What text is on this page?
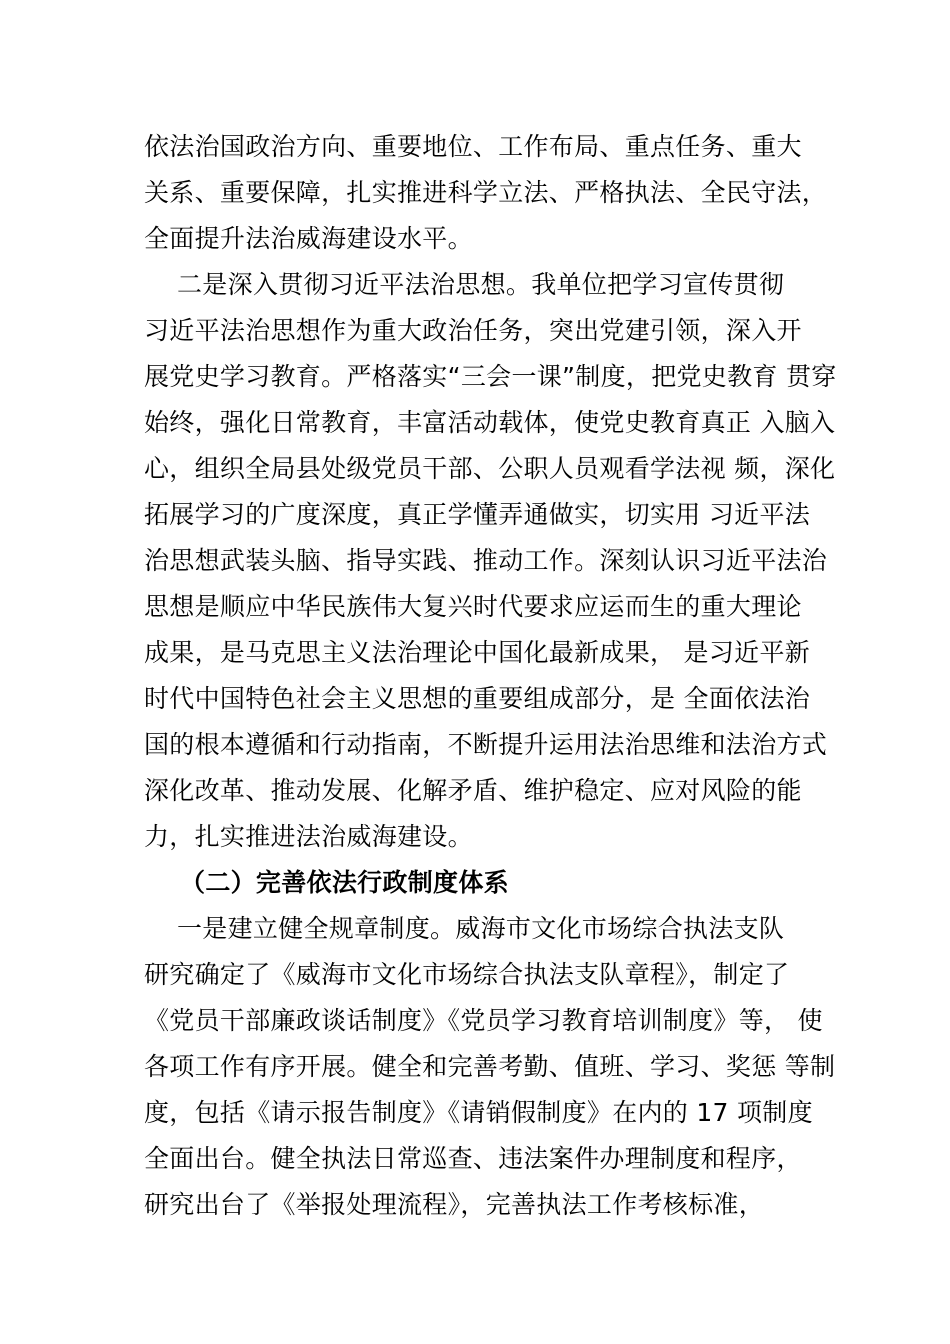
依法治国政治方向、重要地位、工作布局、重点任务、重大
关系、重要保障，扎实推进科学立法、严格执法、全民守法，
全面提升法治威海建设水平。
二是深入贯彻习近平法治思想。我单位把学习宣传贯彻
习近平法治思想作为重大政治任务，突出党建引领，深入开
展党史学习教育。严格落实“三会一课”制度，把党史教育 贯穿
始终，强化日常教育，丰富活动载体，使党史教育真正 入脑入
心，组织全局县处级党员干部、公职人员观看学法视 频，深化
拓展学习的广度深度，真正学懂弄通做实，切实用 习近平法
治思想武装头脑、指导实践、推动工作。深刻认识习近平法治
思想是顺应中华民族伟大复兴时代要求应运而生的重大理论
成果，是马克思主义法治理论中国化最新成果， 是习近平新
时代中国特色社会主义思想的重要组成部分，是 全面依法治
国的根本遵循和行动指南，不断提升运用法治思维和法治方式
深化改革、推动发展、化解矛盾、维护稳定、应对风险的能
力，扎实推进法治威海建设。
（二）完善依法行政制度体系
一是建立健全规章制度。威海市文化市场综合执法支队
研究确定了《威海市文化市场综合执法支队章程》，制定了
《党员干部廉政谈话制度》《党员学习教育培训制度》等， 使
各项工作有序开展。健全和完善考勤、值班、学习、奖惩 等制
度，包括《请示报告制度》《请销假制度》在内的 17 项制度
全面出台。健全执法日常巡查、违法案件办理制度和程序，
研究出台了《举报处理流程》，完善执法工作考核标准，
